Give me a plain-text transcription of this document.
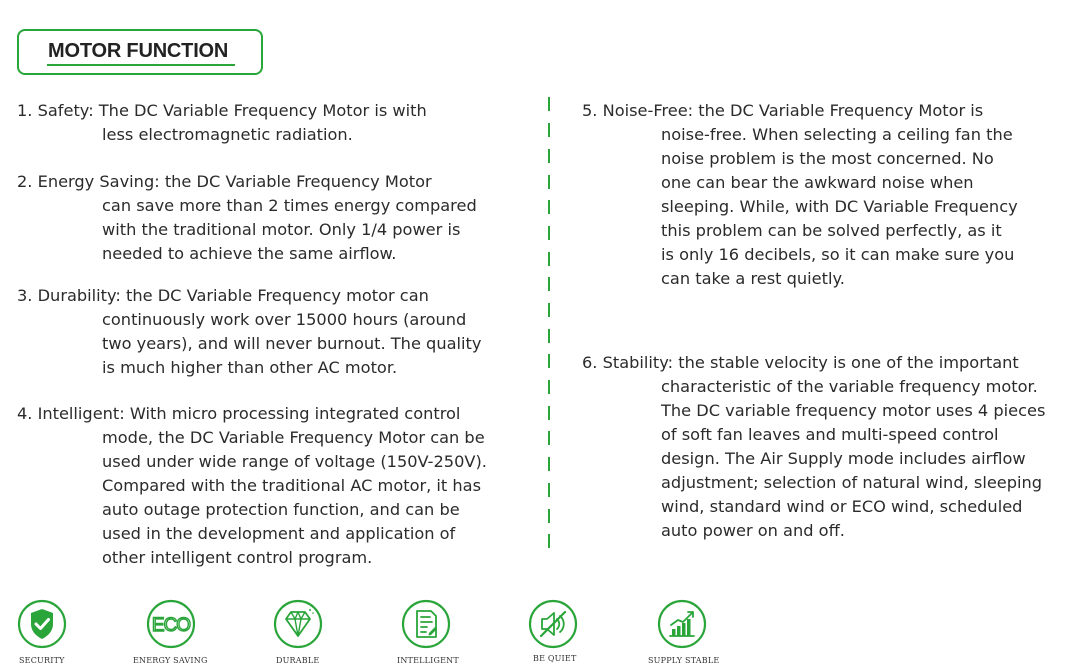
MOTOR FUNCTION
1. Safety: The DC Variable Frequency Motor is with
less electromagnetic radiation.
2. Energy Saving: the DC Variable Frequency Motor
can save more than 2 times energy compared
with the traditional motor. Only 1/4 power is
needed to achieve the same airflow.
3. Durability: the DC Variable Frequency motor can
continuously work over 15000 hours (around
two years), and will never burnout. The quality
is much higher than other AC motor.
4. Intelligent: With micro processing integrated control
mode, the DC Variable Frequency Motor can be
used under wide range of voltage (150V-250V).
Compared with the traditional AC motor, it has
auto outage protection function, and can be
used in the development and application of
other intelligent control program.
5. Noise-Free: the DC Variable Frequency Motor is
noise-free. When selecting a ceiling fan the
noise problem is the most concerned. No
one can bear the awkward noise when
sleeping. While, with DC Variable Frequency
this problem can be solved perfectly, as it
is only 16 decibels, so it can make sure you
can take a rest quietly.
6. Stability: the stable velocity is one of the important
characteristic of the variable frequency motor.
The DC variable frequency motor uses 4 pieces
of soft fan leaves and multi-speed control
design. The Air Supply mode includes airflow
adjustment; selection of natural wind, sleeping
wind, standard wind or ECO wind, scheduled
auto power on and off.
SECURITY
ECO
ENERGY SAVING	DURABLE	INTELLIGENT	BE QUIET	SUPPLY STABLE
